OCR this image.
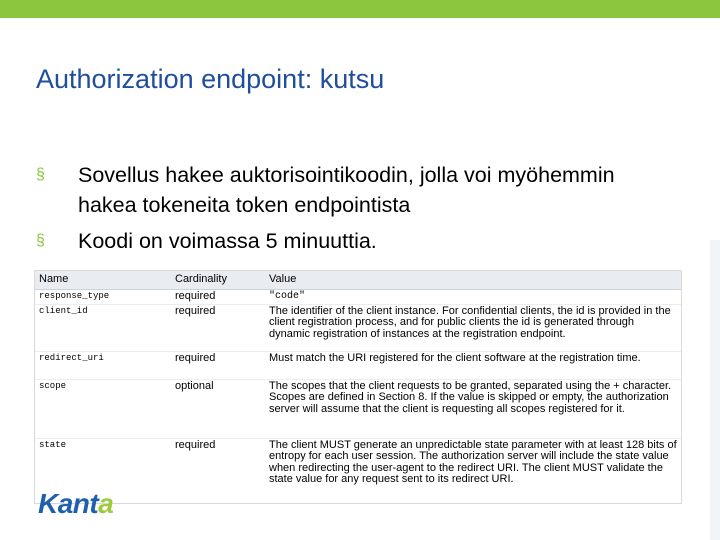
Authorization endpoint: kutsu
§ Sovellus hakee auktorisointikoodin, jolla voi myöhemmin hakea tokeneita token endpointista
§ Koodi on voimassa 5 minuuttia.
Name	Cardinality	Value
response_type	required	"code"
client_id	required	The identifier of the client instance. For confidential clients, the id is provided in the client registration process, and for public clients the id is generated through dynamic registration of instances at the registration endpoint.
redirect_uri	required	Must match the URI registered for the client software at the registration time.
scope	optional	The scopes that the client requests to be granted, separated using the + character. Scopes are defined in Section 8. If the value is skipped or empty, the authorization server will assume that the client is requesting all scopes registered for it.
state	required	The client MUST generate an unpredictable state parameter with at least 128 bits of entropy for each user session. The authorization server will include the state value when redirecting the user-agent to the redirect URI. The client MUST validate the state value for any request sent to its redirect URI.
Kanta
